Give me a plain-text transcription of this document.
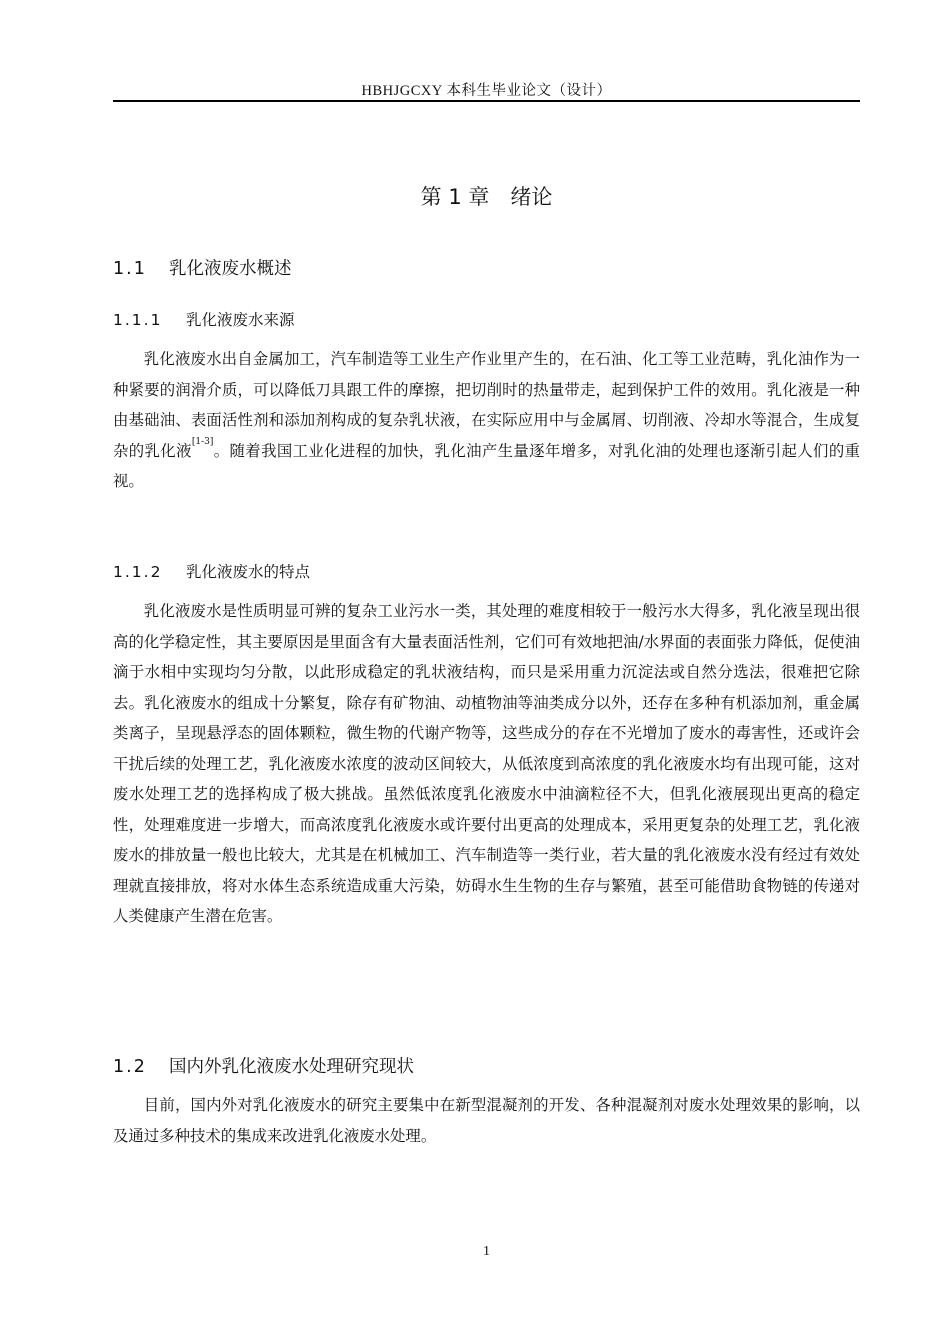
HBHJGCXY 本科生毕业论文（设计）
第 1 章　绪论
1.1 乳化液废水概述
1.1.1 乳化液废水来源

乳化液废水出自金属加工，汽车制造等工业生产作业里产生的，在石油、化工等工业范畴，乳化油作为一种紧要的润滑介质，可以降低刀具跟工件的摩擦，把切削时的热量带走，起到保护工件的效用。乳化液是一种由基础油、表面活性剂和添加剂构成的复杂乳状液，在实际应用中与金属屑、切削液、冷却水等混合，生成复杂的乳化液[1-3]。随着我国工业化进程的加快，乳化油产生量逐年增多，对乳化油的处理也逐渐引起人们的重视。

1.1.2 乳化液废水的特点

乳化液废水是性质明显可辨的复杂工业污水一类，其处理的难度相较于一般污水大得多，乳化液呈现出很高的化学稳定性，其主要原因是里面含有大量表面活性剂，它们可有效地把油/水界面的表面张力降低，促使油滴于水相中实现均匀分散，以此形成稳定的乳状液结构，而只是采用重力沉淀法或自然分选法，很难把它除去。乳化液废水的组成十分繁复，除存有矿物油、动植物油等油类成分以外，还存在多种有机添加剂，重金属类离子，呈现悬浮态的固体颗粒，微生物的代谢产物等，这些成分的存在不光增加了废水的毒害性，还或许会干扰后续的处理工艺，乳化液废水浓度的波动区间较大，从低浓度到高浓度的乳化液废水均有出现可能，这对废水处理工艺的选择构成了极大挑战。虽然低浓度乳化液废水中油滴粒径不大，但乳化液展现出更高的稳定性，处理难度进一步增大，而高浓度乳化液废水或许要付出更高的处理成本，采用更复杂的处理工艺，乳化液废水的排放量一般也比较大，尤其是在机械加工、汽车制造等一类行业，若大量的乳化液废水没有经过有效处理就直接排放，将对水体生态系统造成重大污染，妨碍水生生物的生存与繁殖，甚至可能借助食物链的传递对人类健康产生潜在危害。

1.2 国内外乳化液废水处理研究现状

目前，国内外对乳化液废水的研究主要集中在新型混凝剂的开发、各种混凝剂对废水处理效果的影响，以及通过多种技术的集成来改进乳化液废水处理。

1
